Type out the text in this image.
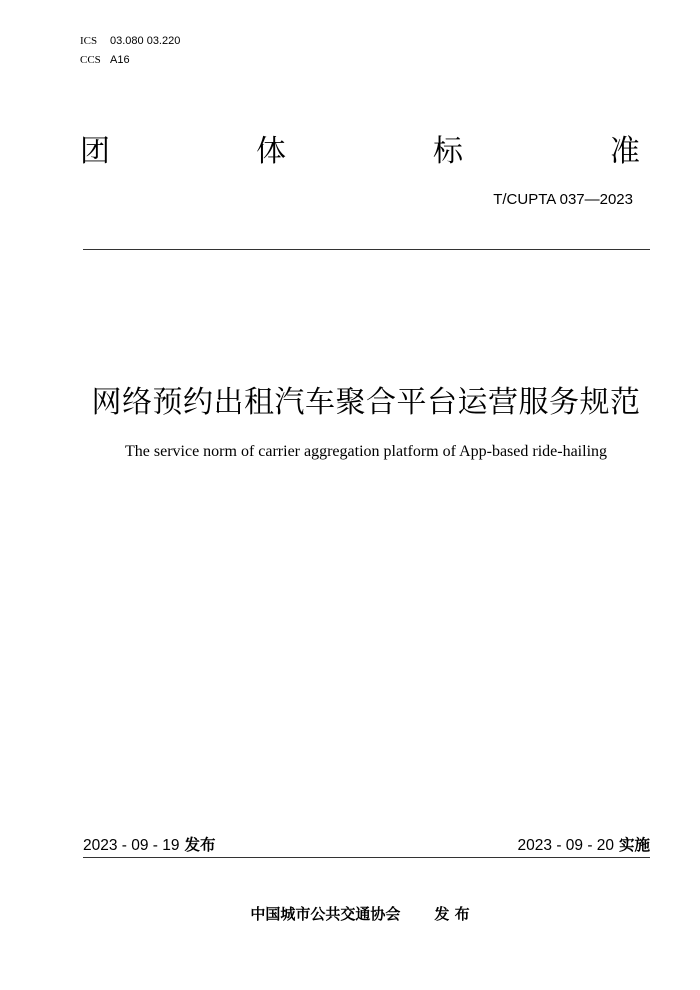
ICS 03.080 03.220
CCS A16
团	体	标	准
T/CUPTA 037—2023
网络预约出租汽车聚合平台运营服务规范
The service norm of carrier aggregation platform of App-based ride-hailing
2023 - 09 - 19 发布	2023 - 09 - 20 实施
中国城市公共交通协会 发 布
